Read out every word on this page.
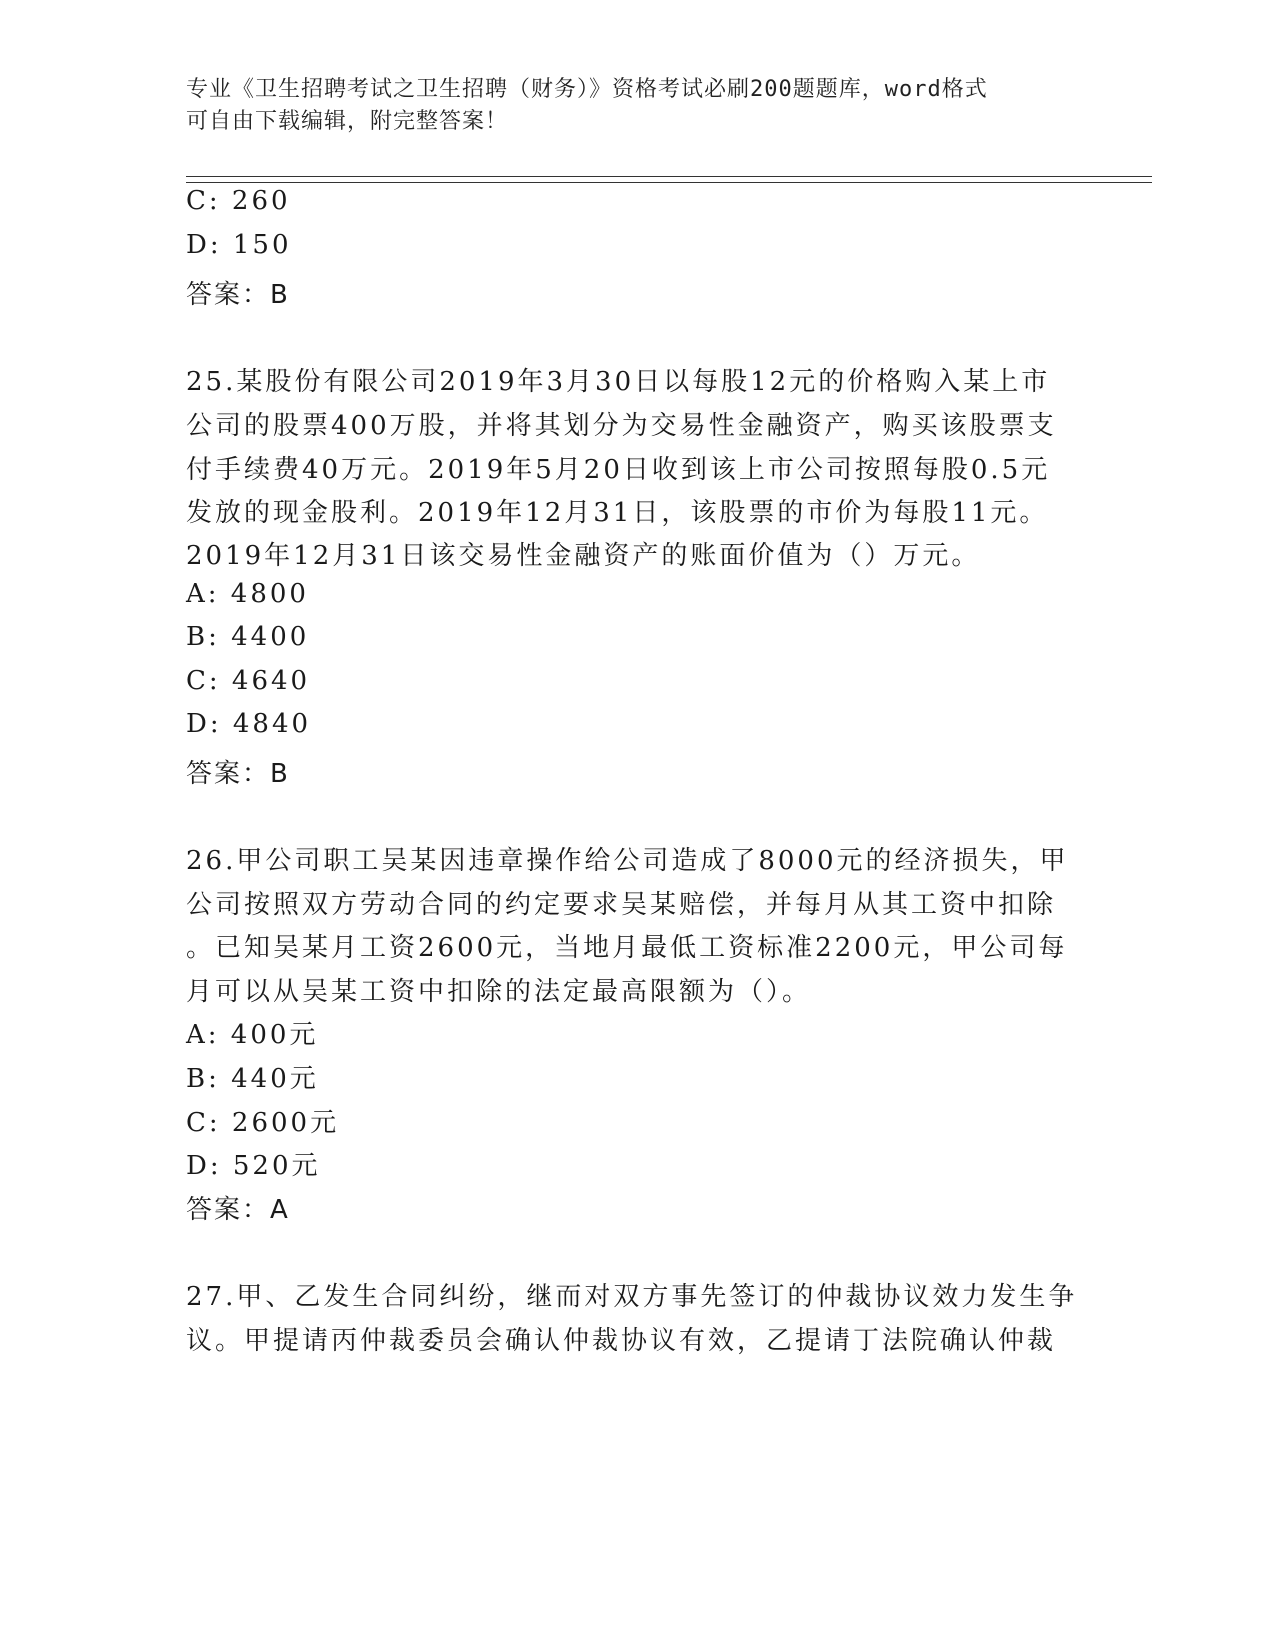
专业《卫生招聘考试之卫生招聘（财务）》资格考试必刷200题题库，word格式
可自由下载编辑，附完整答案！
C: 260
D: 150
答案：B
25.某股份有限公司2019年3月30日以每股12元的价格购入某上市
公司的股票400万股，并将其划分为交易性金融资产，购买该股票支
付手续费40万元。2019年5月20日收到该上市公司按照每股0.5元
发放的现金股利。2019年12月31日，该股票的市价为每股11元。
2019年12月31日该交易性金融资产的账面价值为（）万元。
A: 4800
B: 4400
C: 4640
D: 4840
答案：B
26.甲公司职工吴某因违章操作给公司造成了8000元的经济损失，甲
公司按照双方劳动合同的约定要求吴某赔偿，并每月从其工资中扣除
。已知吴某月工资2600元，当地月最低工资标准2200元，甲公司每
月可以从吴某工资中扣除的法定最高限额为（）。
A: 400元
B: 440元
C: 2600元
D: 520元
答案：A
27.甲、乙发生合同纠纷，继而对双方事先签订的仲裁协议效力发生争
议。甲提请丙仲裁委员会确认仲裁协议有效，乙提请丁法院确认仲裁
